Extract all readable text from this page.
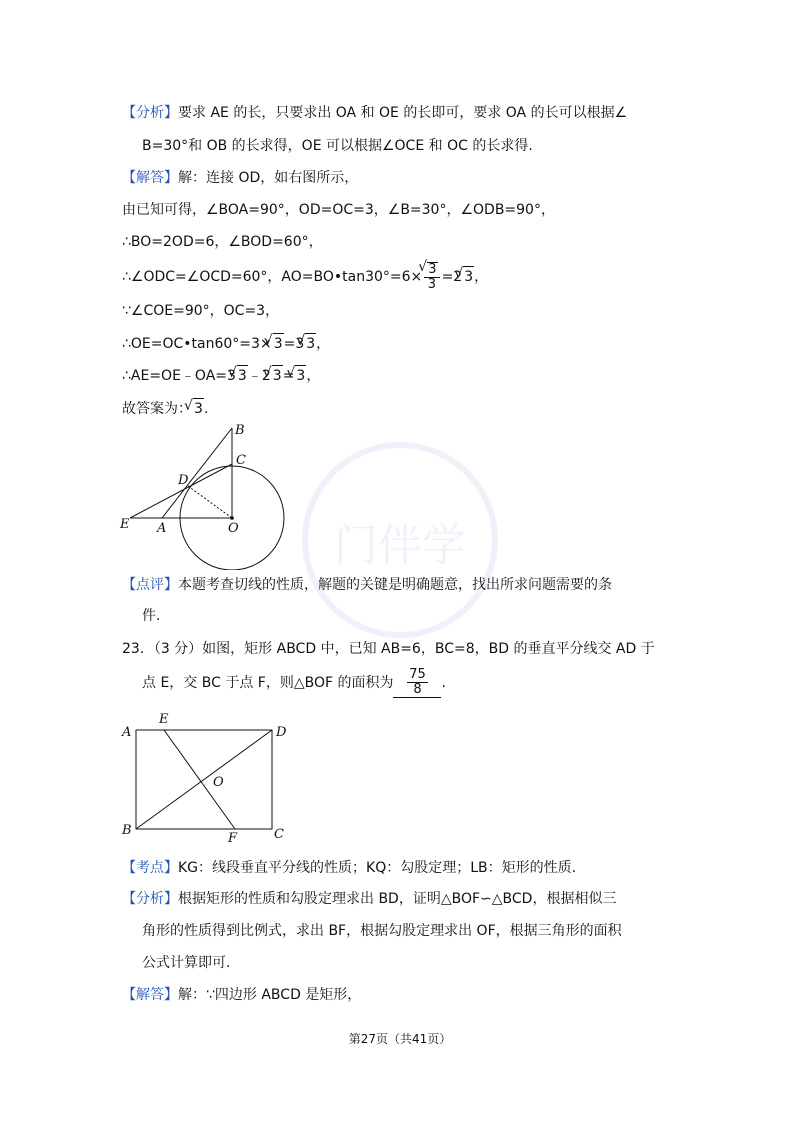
门伴学
【分析】要求 AE 的长，只要求出 OA 和 OE 的长即可，要求 OA 的长可以根据∠
B=30°和 OB 的长求得，OE 可以根据∠OCE 和 OC 的长求得.
【解答】解：连接 OD，如右图所示，
由已知可得，∠BOA=90°，OD=OC=3，∠B=30°，∠ODB=90°，
∴BO=2OD=6，∠BOD=60°，
∴∠ODC=∠OCD=60°，AO=BO•tan30°=6×
√ $\frac{3}{3} =2√$ 3，
∵∠COE=90°，OC=3，
∴OE=OC•tan60°=3×√ 3=3√ 3，
∴AE=OE﹣OA=3√ 3﹣2√ 3=√ 3，
故答案为：√ 3.
B
C
D
E A	O
【点评】本题考查切线的性质，解题的关键是明确题意，找出所求问题需要的条
件.
23．（3 分）如图，矩形 ABCD 中，已知 AB=6，BC=8，BD 的垂直平分线交 AD 于
点 E，交 BC 于点 F，则△BOF 的面积为 $\frac{75}{8}$ .
A
E
D
O
B
F	C
【考点】KG：线段垂直平分线的性质；KQ：勾股定理；LB：矩形的性质.
【分析】根据矩形的性质和勾股定理求出 BD，证明△BOF∽△BCD，根据相似三
角形的性质得到比例式，求出 BF，根据勾股定理求出 OF，根据三角形的面积
公式计算即可.
【解答】解：∵四边形 ABCD 是矩形，
第27页（共41页）
